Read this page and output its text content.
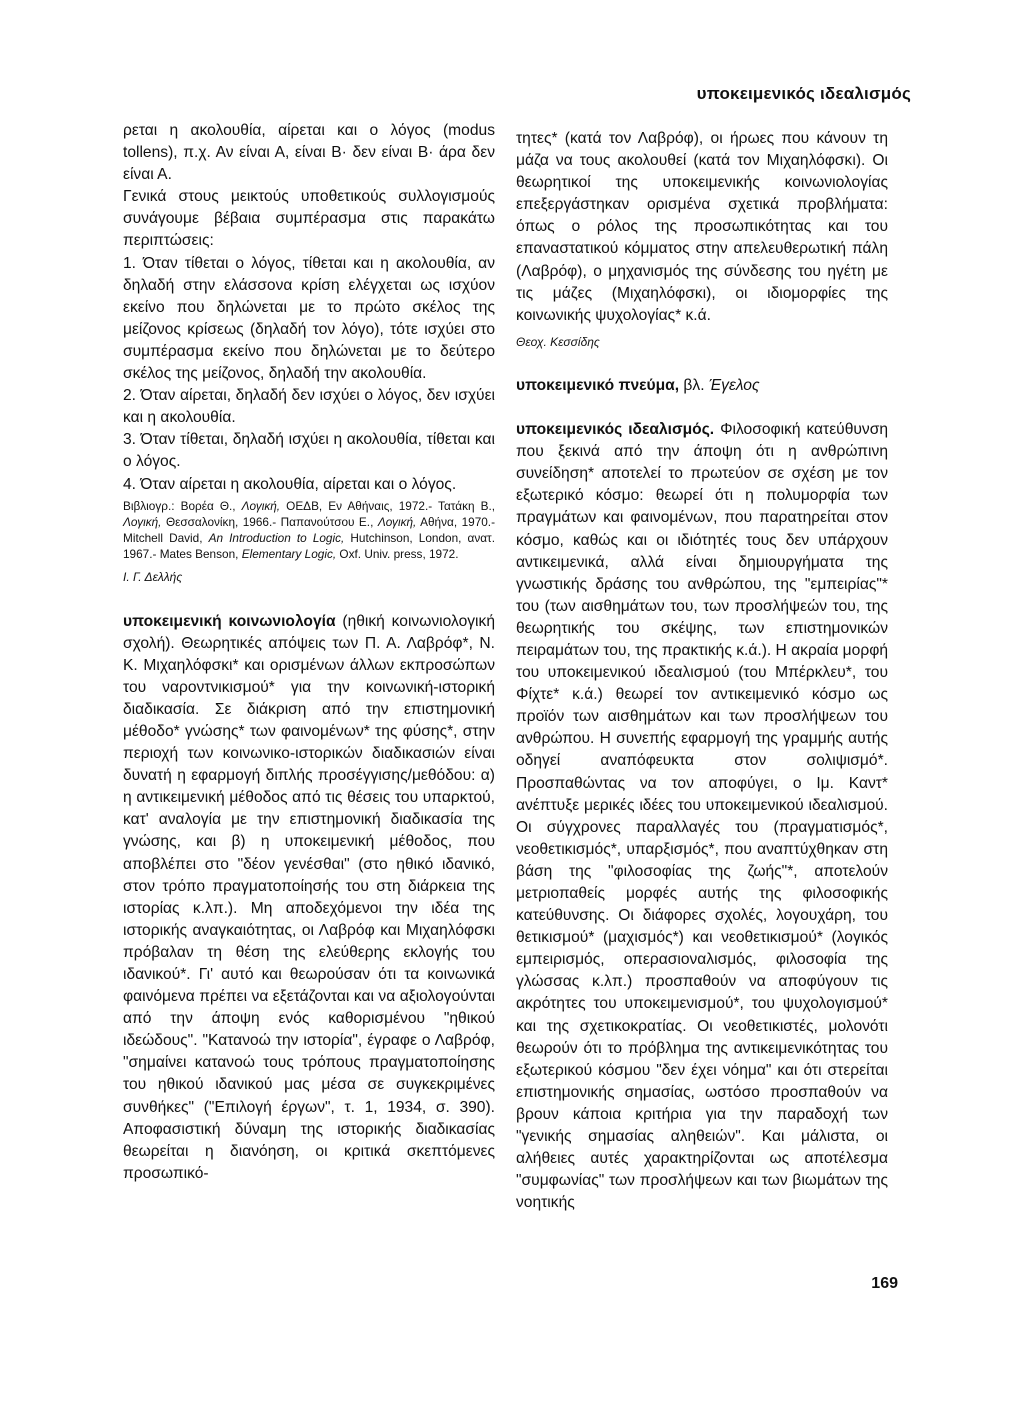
υποκειμενικός ιδεαλισμός

ρεται η ακολουθία, αίρεται και ο λόγος (modus tollens), π.χ. Αν είναι Α, είναι Β· δεν είναι Β· άρα δεν είναι Α.

Γενικά στους μεικτούς υποθετικούς συλλογισμούς συνάγουμε βέβαια συμπέρασμα στις παρακάτω περιπτώσεις:

1. Όταν τίθεται ο λόγος, τίθεται και η ακολουθία, αν δηλαδή στην ελάσσονα κρίση ελέγχεται ως ισχύον εκείνο που δηλώνεται με το πρώτο σκέλος της μείζονος κρίσεως (δηλαδή τον λόγο), τότε ισχύει στο συμπέρασμα εκείνο που δηλώνεται με το δεύτερο σκέλος της μείζονος, δηλαδή την ακολουθία.

2. Όταν αίρεται, δηλαδή δεν ισχύει ο λόγος, δεν ισχύει και η ακολουθία.

3. Όταν τίθεται, δηλαδή ισχύει η ακολουθία, τίθεται και ο λόγος.

4. Όταν αίρεται η ακολουθία, αίρεται και ο λόγος.

Βιβλιογρ.: Βορέα Θ., Λογική, ΟΕΔΒ, Εν Αθήναις, 1972.- Τατάκη Β., Λογική, Θεσσαλονίκη, 1966.- Παπανούτσου Ε., Λογική, Αθήνα, 1970.- Mitchell David, An Introduction to Logic, Hutchinson, London, ανατ. 1967.- Mates Benson, Elementary Logic, Oxf. Univ. press, 1972.

Ι. Γ. Δελλής

υποκειμενική κοινωνιολογία (ηθική κοινωνιολογική σχολή). Θεωρητικές απόψεις των Π. Α. Λαβρόφ*, Ν. Κ. Μιχαηλόφσκι* και ορισμένων άλλων εκπροσώπων του ναροντνικισμού* για την κοινωνική-ιστορική διαδικασία. Σε διάκριση από την επιστημονική μέθοδο* γνώσης* των φαινομένων* της φύσης*, στην περιοχή των κοινωνικο-ιστορικών διαδικασιών είναι δυνατή η εφαρμογή διπλής προσέγγισης/μεθόδου: α) η αντικειμενική μέθοδος από τις θέσεις του υπαρκτού, κατ' αναλογία με την επιστημονική διαδικασία της γνώσης, και β) η υποκειμενική μέθοδος, που αποβλέπει στο "δέον γενέσθαι" (στο ηθικό ιδανικό, στον τρόπο πραγματοποίησής του στη διάρκεια της ιστορίας κ.λπ.). Μη αποδεχόμενοι την ιδέα της ιστορικής αναγκαιότητας, οι Λαβρόφ και Μιχαηλόφσκι πρόβαλαν τη θέση της ελεύθερης εκλογής του ιδανικού*. Γι' αυτό και θεωρούσαν ότι τα κοινωνικά φαινόμενα πρέπει να εξετάζονται και να αξιολογούνται από την άποψη ενός καθορισμένου "ηθικού ιδεώδους". "Κατανοώ την ιστορία", έγραφε ο Λαβρόφ, "σημαίνει κατανοώ τους τρόπους πραγματοποίησης του ηθικού ιδανικού μας μέσα σε συγκεκριμένες συνθήκες" ("Επιλογή έργων", τ. 1, 1934, σ. 390). Αποφασιστική δύναμη της ιστορικής διαδικασίας θεωρείται η διανόηση, οι κριτικά σκεπτόμενες προσωπικό-

τητες* (κατά τον Λαβρόφ), οι ήρωες που κάνουν τη μάζα να τους ακολουθεί (κατά τον Μιχαηλόφσκι). Οι θεωρητικοί της υποκειμενικής κοινωνιολογίας επεξεργάστηκαν ορισμένα σχετικά προβλήματα: όπως ο ρόλος της προσωπικότητας και του επαναστατικού κόμματος στην απελευθερωτική πάλη (Λαβρόφ), ο μηχανισμός της σύνδεσης του ηγέτη με τις μάζες (Μιχαηλόφσκι), οι ιδιομορφίες της κοινωνικής ψυχολογίας* κ.ά.

Θεοχ. Κεσσίδης

υποκειμενικό πνεύμα, βλ. Έγελος

υποκειμενικός ιδεαλισμός. Φιλοσοφική κατεύθυνση που ξεκινά από την άποψη ότι η ανθρώπινη συνείδηση* αποτελεί το πρωτεύον σε σχέση με τον εξωτερικό κόσμο: θεωρεί ότι η πολυμορφία των πραγμάτων και φαινομένων, που παρατηρείται στον κόσμο, καθώς και οι ιδιότητές τους δεν υπάρχουν αντικειμενικά, αλλά είναι δημιουργήματα της γνωστικής δράσης του ανθρώπου, της "εμπειρίας"* του (των αισθημάτων του, των προσλήψεών του, της θεωρητικής του σκέψης, των επιστημονικών πειραμάτων του, της πρακτικής κ.ά.). Η ακραία μορφή του υποκειμενικού ιδεαλισμού (του Μπέρκλευ*, του Φίχτε* κ.ά.) θεωρεί τον αντικειμενικό κόσμο ως προϊόν των αισθημάτων και των προσλήψεων του ανθρώπου. Η συνεπής εφαρμογή της γραμμής αυτής οδηγεί αναπόφευκτα στον σολιψισμό*. Προσπαθώντας να τον αποφύγει, ο Ιμ. Καντ* ανέπτυξε μερικές ιδέες του υποκειμενικού ιδεαλισμού. Οι σύγχρονες παραλλαγές του (πραγματισμός*, νεοθετικισμός*, υπαρξισμός*, που αναπτύχθηκαν στη βάση της "φιλοσοφίας της ζωής"*, αποτελούν μετριοπαθείς μορφές αυτής της φιλοσοφικής κατεύθυνσης. Οι διάφορες σχολές, λογουχάρη, του θετικισμού* (μαχισμός*) και νεοθετικισμού* (λογικός εμπειρισμός, οπερασιοναλισμός, φιλοσοφία της γλώσσας κ.λπ.) προσπαθούν να αποφύγουν τις ακρότητες του υποκειμενισμού*, του ψυχολογισμού* και της σχετικοκρατίας. Οι νεοθετικιστές, μολονότι θεωρούν ότι το πρόβλημα της αντικειμενικότητας του εξωτερικού κόσμου "δεν έχει νόημα" και ότι στερείται επιστημονικής σημασίας, ωστόσο προσπαθούν να βρουν κάποια κριτήρια για την παραδοχή των "γενικής σημασίας αληθειών". Και μάλιστα, οι αλήθειες αυτές χαρακτηρίζονται ως αποτέλεσμα "συμφωνίας" των προσλήψεων και των βιωμάτων της νοητικής

169
